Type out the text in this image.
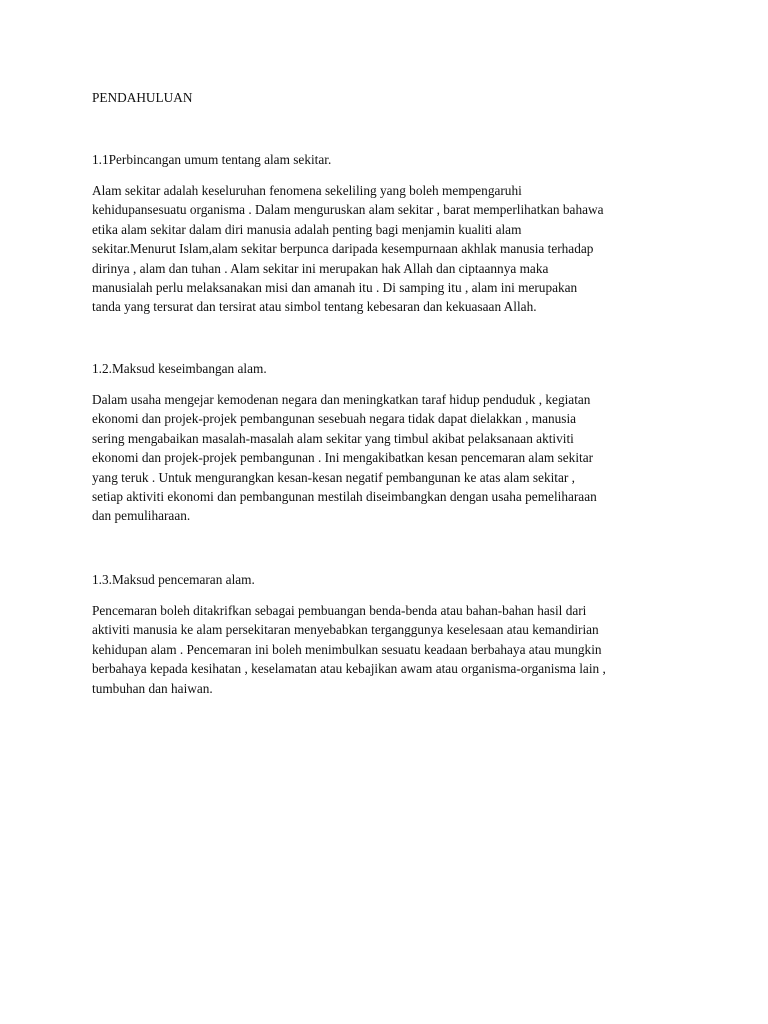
PENDAHULUAN

1.1Perbincangan umum tentang alam sekitar.

Alam sekitar adalah keseluruhan fenomena sekeliling yang boleh mempengaruhi
kehidupansesuatu organisma . Dalam menguruskan alam sekitar , barat memperlihatkan bahawa
etika alam sekitar dalam diri manusia adalah penting bagi menjamin kualiti alam
sekitar.Menurut Islam,alam sekitar berpunca daripada kesempurnaan akhlak manusia terhadap
dirinya , alam dan tuhan . Alam sekitar ini merupakan hak Allah dan ciptaannya maka
manusialah perlu melaksanakan misi dan amanah itu . Di samping itu , alam ini merupakan
tanda yang tersurat dan tersirat atau simbol tentang kebesaran dan kekuasaan Allah.

1.2.Maksud keseimbangan alam.

Dalam usaha mengejar kemodenan negara dan meningkatkan taraf hidup penduduk , kegiatan
ekonomi dan projek-projek pembangunan sesebuah negara tidak dapat dielakkan , manusia
sering mengabaikan masalah-masalah alam sekitar yang timbul akibat pelaksanaan aktiviti
ekonomi dan projek-projek pembangunan . Ini mengakibatkan kesan pencemaran alam sekitar
yang teruk . Untuk mengurangkan kesan-kesan negatif pembangunan ke atas alam sekitar ,
setiap aktiviti ekonomi dan pembangunan mestilah diseimbangkan dengan usaha pemeliharaan
dan pemuliharaan.

1.3.Maksud pencemaran alam.

Pencemaran boleh ditakrifkan sebagai pembuangan benda-benda atau bahan-bahan hasil dari
aktiviti manusia ke alam persekitaran menyebabkan terganggunya keselesaan atau kemandirian
kehidupan alam . Pencemaran ini boleh menimbulkan sesuatu keadaan berbahaya atau mungkin
berbahaya kepada kesihatan , keselamatan atau kebajikan awam atau organisma-organisma lain ,
tumbuhan dan haiwan.
